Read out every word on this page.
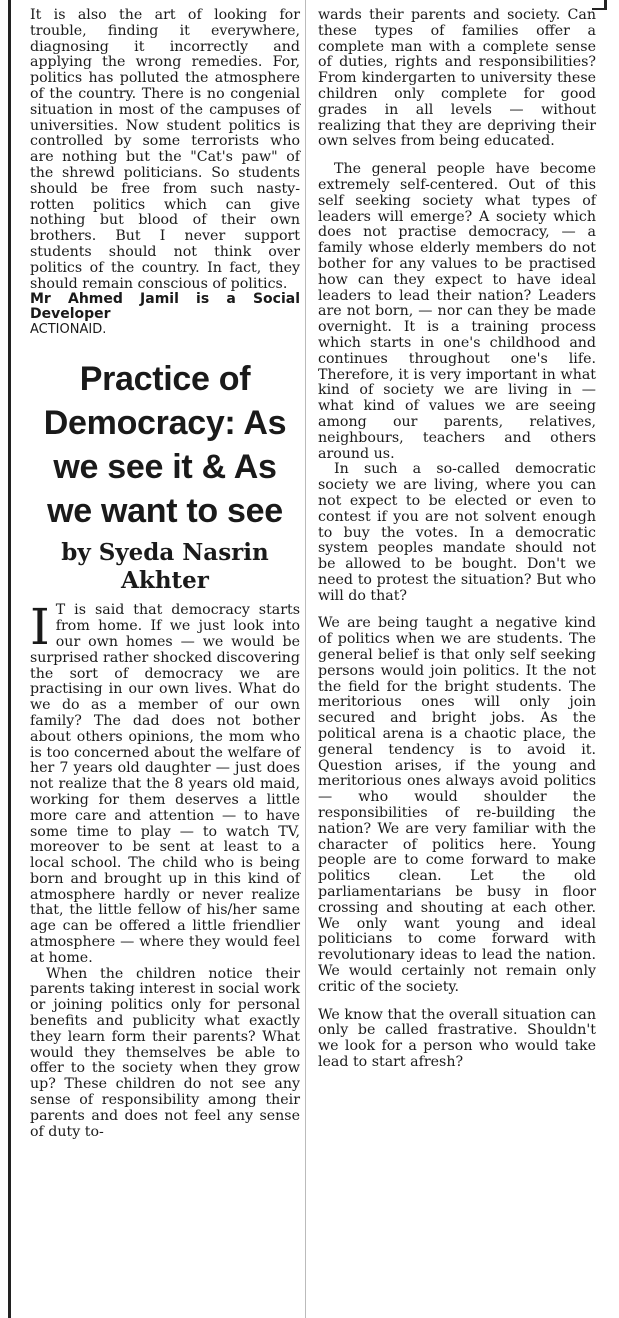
It is also the art of looking for trouble, finding it everywhere, diagnosing it incorrectly and applying the wrong remedies. For, politics has polluted the atmosphere of the country. There is no congenial situation in most of the campuses of universities. Now student politics is controlled by some terrorists who are nothing but the "Cat's paw" of the shrewd politicians. So students should be free from such nasty-rotten politics which can give nothing but blood of their own brothers. But I never support students should not think over politics of the country. In fact, they should remain conscious of politics.

Mr Ahmed Jamil is a Social Developer

ACTIONAID.

Practice of Democracy: As we see it & As we want to see
by Syeda Nasrin Akhter

I T is said that democracy starts from home. If we just look into our own homes — we would be surprised rather shocked discovering the sort of democracy we are practising in our own lives. What do we do as a member of our own family? The dad does not bother about others opinions, the mom who is too concerned about the welfare of her 7 years old daughter — just does not realize that the 8 years old maid, working for them deserves a little more care and attention — to have some time to play — to watch TV, moreover to be sent at least to a local school. The child who is being born and brought up in this kind of atmosphere hardly or never realize that, the little fellow of his/her same age can be offered a little friendlier atmosphere — where they would feel at home.

When the children notice their parents taking interest in social work or joining politics only for personal benefits and publicity what exactly they learn form their parents? What would they themselves be able to offer to the society when they grow up? These children do not see any sense of responsibility among their parents and does not feel any sense of duty to-

wards their parents and society. Can these types of families offer a complete man with a complete sense of duties, rights and responsibilities? From kindergarten to university these children only complete for good grades in all levels — without realizing that they are depriving their own selves from being educated.

The general people have become extremely self-centered. Out of this self seeking society what types of leaders will emerge? A society which does not practise democracy, — a family whose elderly members do not bother for any values to be practised how can they expect to have ideal leaders to lead their nation? Leaders are not born, — nor can they be made overnight. It is a training process which starts in one's childhood and continues throughout one's life. Therefore, it is very important in what kind of society we are living in — what kind of values we are seeing among our parents, relatives, neighbours, teachers and others around us.

In such a so-called democratic society we are living, where you can not expect to be elected or even to contest if you are not solvent enough to buy the votes. In a democratic system peoples mandate should not be allowed to be bought. Don't we need to protest the situation? But who will do that?

We are being taught a negative kind of politics when we are students. The general belief is that only self seeking persons would join politics. It the not the field for the bright students. The meritorious ones will only join secured and bright jobs. As the political arena is a chaotic place, the general tendency is to avoid it. Question arises, if the young and meritorious ones always avoid politics — who would shoulder the responsibilities of re-building the nation? We are very familiar with the character of politics here. Young people are to come forward to make politics clean. Let the old parliamentarians be busy in floor crossing and shouting at each other. We only want young and ideal politicians to come forward with revolutionary ideas to lead the nation. We would certainly not remain only critic of the society.

We know that the overall situation can only be called frastrative. Shouldn't we look for a person who would take lead to start afresh?
